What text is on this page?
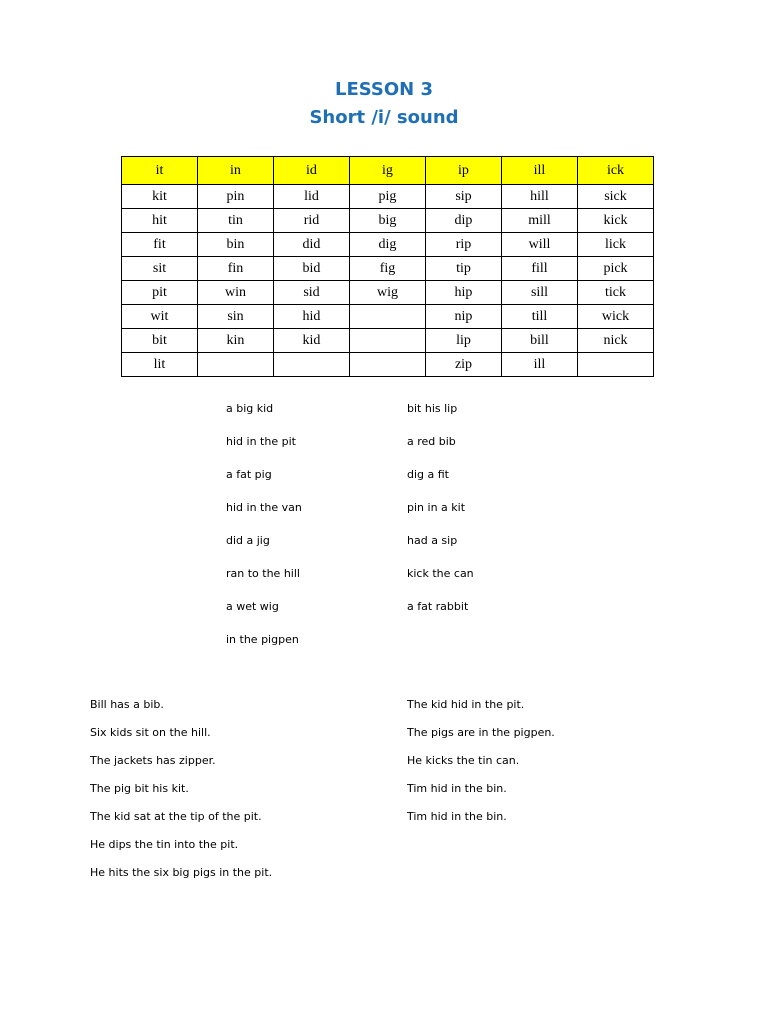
LESSON 3
Short /i/ sound
it	in	id	ig	ip	ill	ick
kit	pin	lid	pig	sip	hill	sick
hit	tin	rid	big	dip	mill	kick
fit	bin	did	dig	rip	will	lick
sit	fin	bid	fig	tip	fill	pick
pit	win	sid	wig	hip	sill	tick
wit	sin	hid		nip	till	wick
bit	kin	kid		lip	bill	nick
lit				zip	ill	
a big kid
hid in the pit
a fat pig
hid in the van
did a jig
ran to the hill
a wet wig
in the pigpen
bit his lip
a red bib
dig a fit
pin in a kit
had a sip
kick the can
a fat rabbit
Bill has a bib.
Six kids sit on the hill.
The jackets has zipper.
The pig bit his kit.
The kid sat at the tip of the pit.
He dips the tin into the pit.
He hits the six big pigs in the pit.
The kid hid in the pit.
The pigs are in the pigpen.
He kicks the tin can.
Tim hid in the bin.
Tim hid in the bin.
